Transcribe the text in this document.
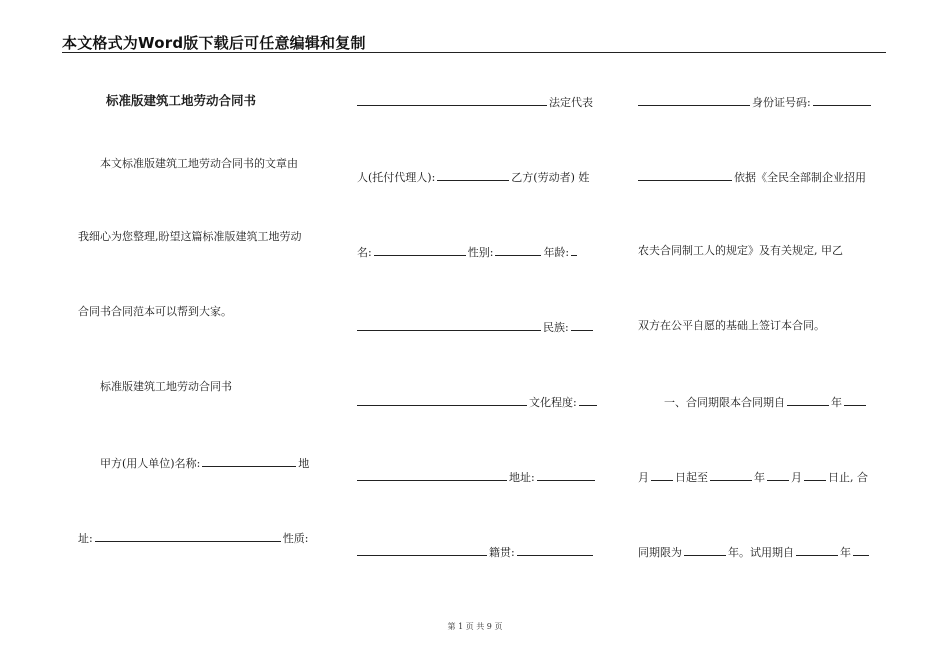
本文格式为Word版下载后可任意编辑和复制
标准版建筑工地劳动合同书
本文标准版建筑工地劳动合同书的文章由
我细心为您整理,盼望这篇标准版建筑工地劳动
合同书合同范本可以帮到大家。
标准版建筑工地劳动合同书
甲方(用人单位)名称:	地
址:	性质:
法定代表
人(托付代理人):	乙方(劳动者) 姓
名:	性别:	年龄:
民族:
文化程度:
地址:
籍贯:
身份证号码:
依据《全民全部制企业招用
农夫合同制工人的规定》及有关规定, 甲乙
双方在公平自愿的基础上签订本合同。
一、合同期限本合同期自	年
月 日起至	年 月 日止, 合
同期限为	年。试用期自	年
第 1 页 共 9 页
